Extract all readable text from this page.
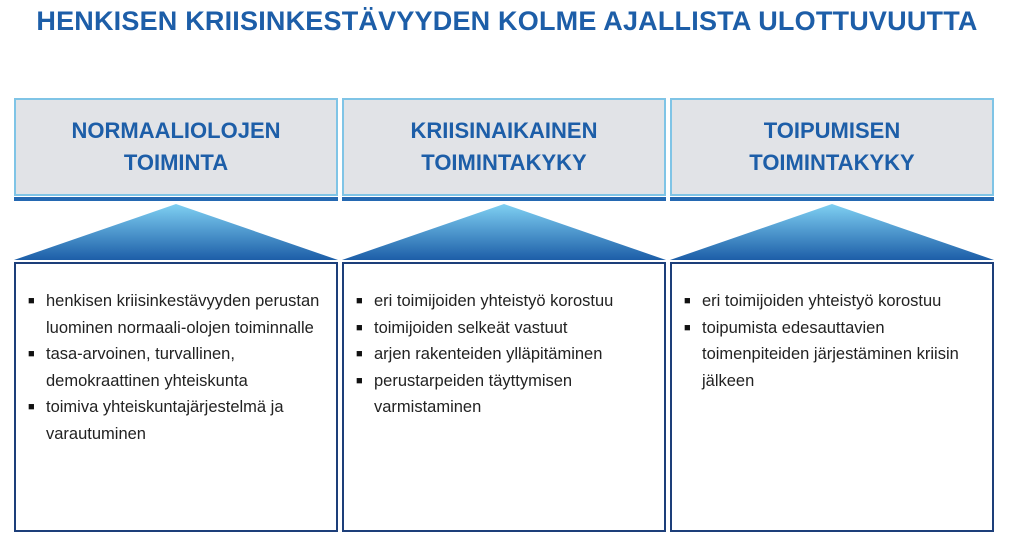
HENKISEN KRIISINKESTÄVYYDEN KOLME AJALLISTA ULOTTUVUUTTA
NORMAALIOLOJEN
TOIMINTA
■ henkisen kriisinkestävyyden perustan luominen normaali-olojen toiminnalle
■ tasa-arvoinen, turvallinen, demokraattinen yhteiskunta
■ toimiva yhteiskuntajärjestelmä ja varautuminen
KRIISINAIKAINEN
TOIMINTAKYKY
■ eri toimijoiden yhteistyö korostuu
■ toimijoiden selkeät vastuut
■ arjen rakenteiden ylläpitäminen
■ perustarpeiden täyttymisen varmistaminen
TOIPUMISEN
TOIMINTAKYKY
■ eri toimijoiden yhteistyö korostuu
■ toipumista edesauttavien toimenpiteiden järjestäminen kriisin jälkeen
